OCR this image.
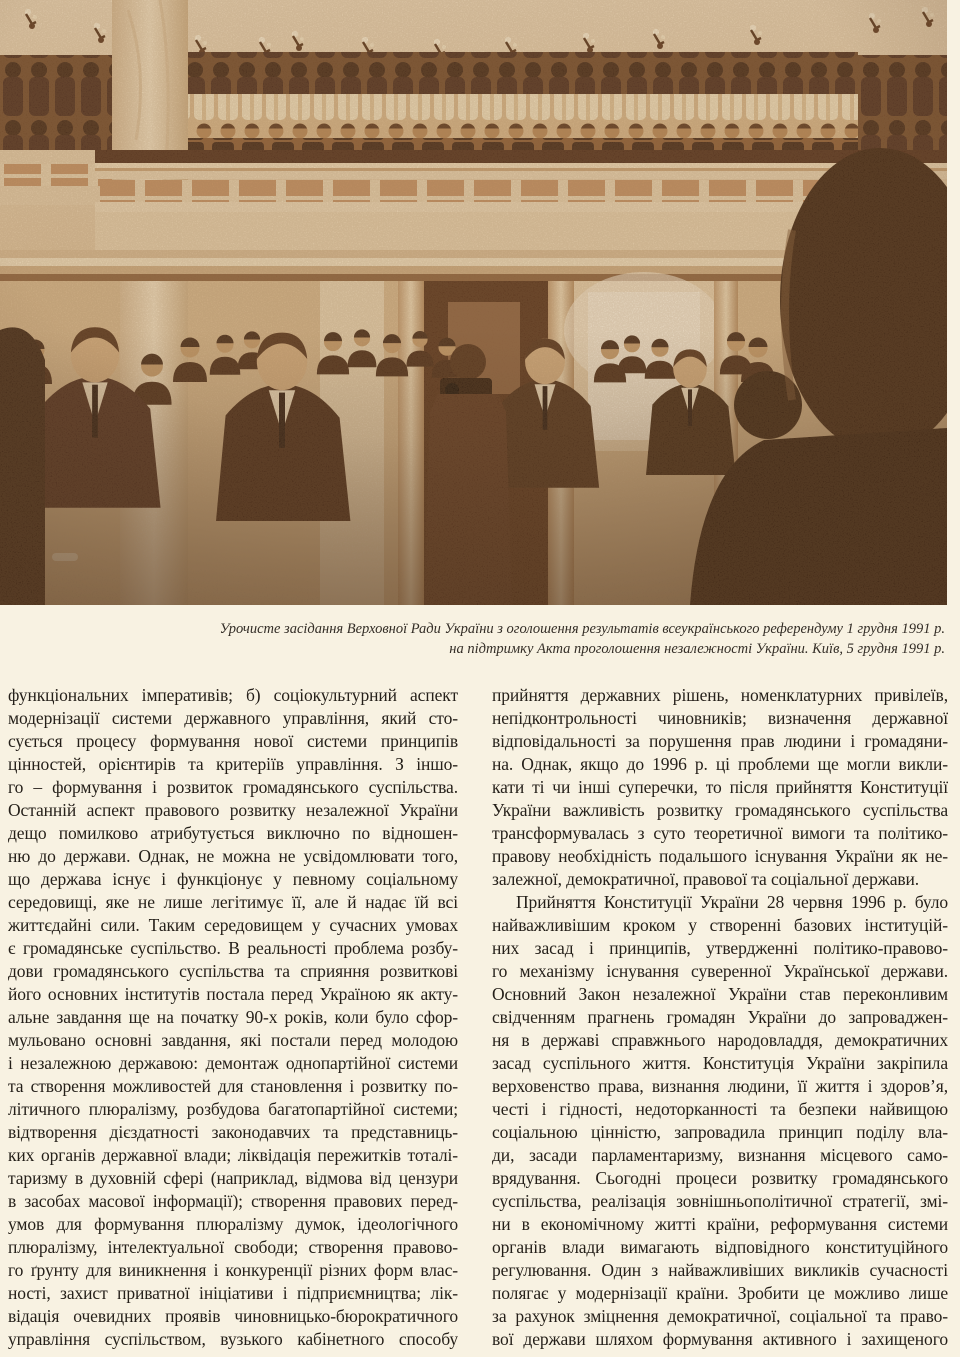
Урочисте засідання Верховної Ради України з оголошення результатів всеукраїнського референдуму 1 грудня 1991 р.
на підтримку Акта проголошення незалежності України. Київ, 5 грудня 1991 р.
функціональних імперативів; б) соціокультурний аспект
модернізації системи державного управління, який сто-
сується процесу формування нової системи принципів
цінностей, орієнтирів та критеріїв управління. З іншо-
го – формування і розвиток громадянського суспільства.
Останній аспект правового розвитку незалежної України
дещо помилково атрибутується виключно по відношен-
ню до держави. Однак, не можна не усвідомлювати того,
що держава існує і функціонує у певному соціальному
середовищі, яке не лише легітимує її, але й надає їй всі
життєдайні сили. Таким середовищем у сучасних умовах
є громадянське суспільство. В реальності проблема розбу-
дови громадянського суспільства та сприяння розвиткові
його основних інститутів постала перед Україною як акту-
альне завдання ще на початку 90-х років, коли було сфор-
мульовано основні завдання, які постали перед молодою
і незалежною державою: демонтаж однопартійної системи
та створення можливостей для становлення і розвитку по-
літичного плюралізму, розбудова багатопартійної системи;
відтворення дієздатності законодавчих та представниць-
ких органів державної влади; ліквідація пережитків тоталі-
таризму в духовній сфері (наприклад, відмова від цензури
в засобах масової інформації); створення правових перед-
умов для формування плюралізму думок, ідеологічного
плюралізму, інтелектуальної свободи; створення правово-
го ґрунту для виникнення і конкуренції різних форм влас-
ності, захист приватної ініціативи і підприємництва; лік-
відація очевидних проявів чиновницько-бюрократичного
управління суспільством, вузького кабінетного способу
прийняття державних рішень, номенклатурних привілеїв,
непідконтрольності чиновників; визначення державної
відповідальності за порушення прав людини і громадяни-
на. Однак, якщо до 1996 р. ці проблеми ще могли викли-
кати ті чи інші суперечки, то після прийняття Конституції
України важливість розвитку громадянського суспільства
трансформувалась з суто теоретичної вимоги та політико-
правову необхідність подальшого існування України як не-
залежної, демократичної, правової та соціальної держави.
Прийняття Конституції України 28 червня 1996 р. було
найважливішим кроком у створенні базових інституцій-
них засад і принципів, утвердженні політико-правово-
го механізму існування суверенної Української держави.
Основний Закон незалежної України став переконливим
свідченням прагнень громадян України до запроваджен-
ня в державі справжнього народовладдя, демократичних
засад суспільного життя. Конституція України закріпила
верховенство права, визнання людини, її життя і здоров’я,
честі і гідності, недоторканності та безпеки найвищою
соціальною цінністю, запровадила принцип поділу вла-
ди, засади парламентаризму, визнання місцевого само-
врядування. Сьогодні процеси розвитку громадянського
суспільства, реалізація зовнішньополітичної стратегії, змі-
ни в економічному житті країни, реформування системи
органів влади вимагають відповідного конституційного
регулювання. Один з найважливіших викликів сучасності
полягає у модернізації країни. Зробити це можливо лише
за рахунок зміцнення демократичної, соціальної та право-
вої держави шляхом формування активного і захищеного
